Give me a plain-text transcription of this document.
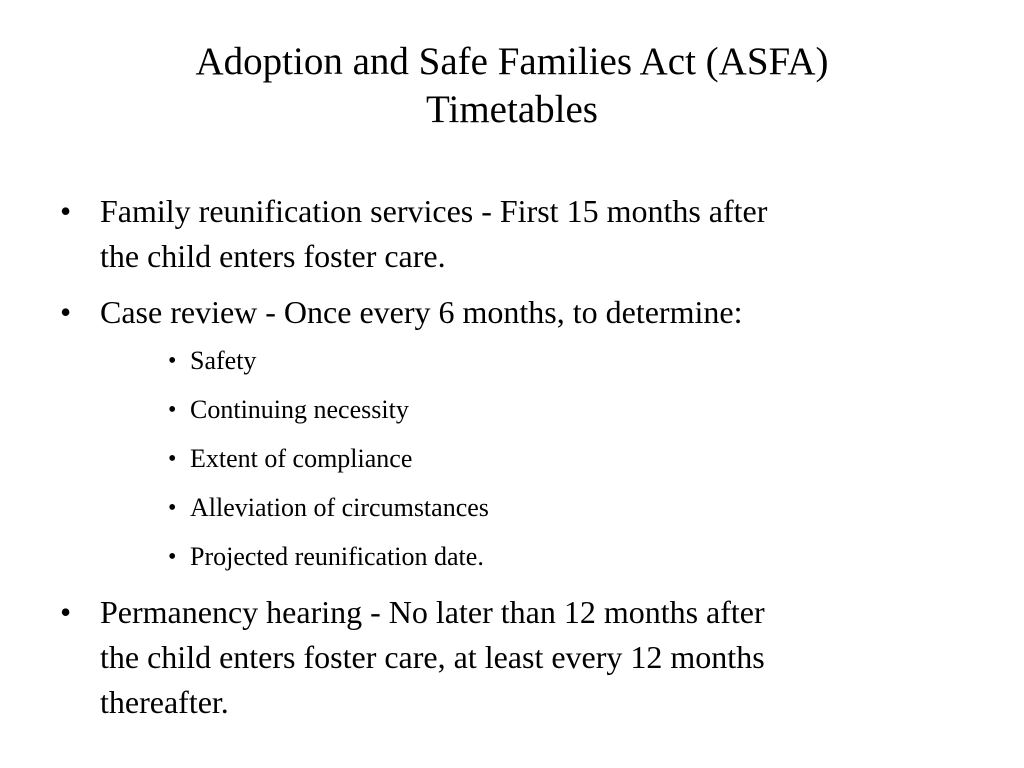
Adoption and Safe Families Act (ASFA)
Timetables
• Family reunification services - First 15 months after
the child enters foster care.
• Case review - Once every 6 months, to determine:
• Safety
• Continuing necessity
• Extent of compliance
• Alleviation of circumstances
• Projected reunification date.
• Permanency hearing - No later than 12 months after
the child enters foster care, at least every 12 months
thereafter.
